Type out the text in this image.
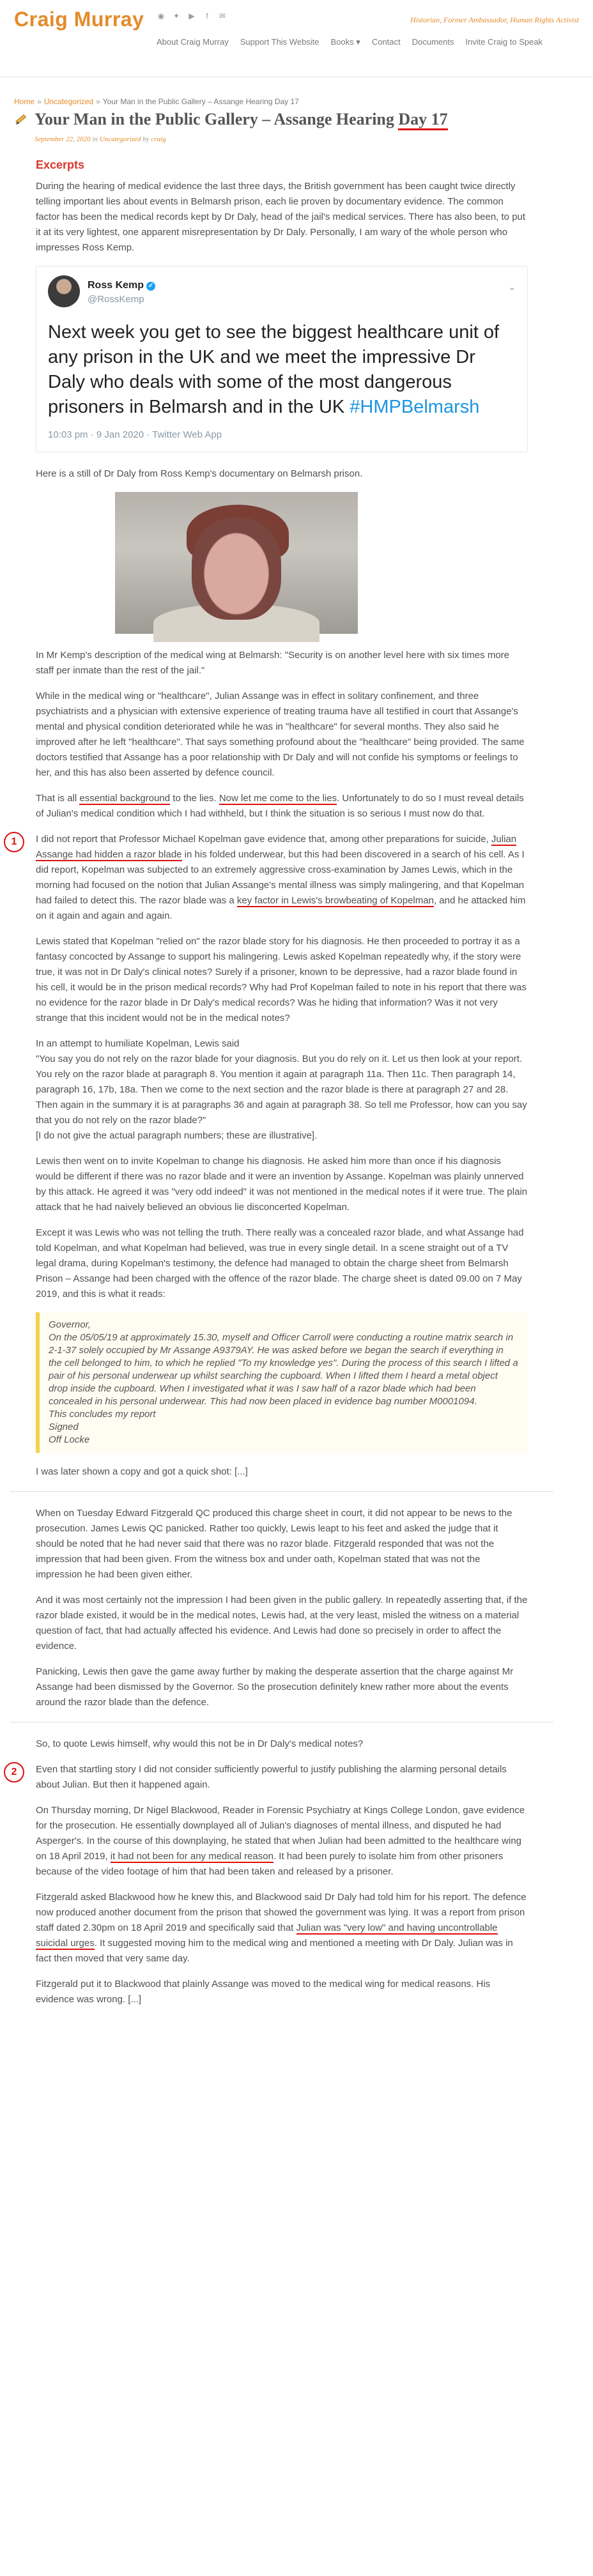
Craig Murray ◉ ✦ ▶	f	✉	Historian, Former Ambassador, Human Rights Activist
About Craig Murray Support This Website Books ▾ Contact Documents Invite Craig to Speak
Home » Uncategorized » Your Man in the Public Gallery – Assange Hearing Day 17
Your Man in the Public Gallery – Assange Hearing Day 17
September 22, 2020 in Uncategorized by craig
Excerpts

During the hearing of medical evidence the last three days, the British government has been caught twice directly telling important lies about events in Belmarsh prison, each lie proven by documentary evidence. The common factor has been the medical records kept by Dr Daly, head of the jail's medical services. There has also been, to put it at its very lightest, one apparent misrepresentation by Dr Daly. Personally, I am wary of the whole person who impresses Ross Kemp.

Ross Kemp ✓
@RossKemp
⌄
Next week you get to see the biggest healthcare unit of any prison in the UK and we meet the impressive Dr Daly who deals with some of the most dangerous prisoners in Belmarsh and in the UK #HMPBelmarsh
10:03 pm · 9 Jan 2020 · Twitter Web App

Here is a still of Dr Daly from Ross Kemp's documentary on Belmarsh prison.

In Mr Kemp's description of the medical wing at Belmarsh: "Security is on another level here with six times more staff per inmate than the rest of the jail."

While in the medical wing or "healthcare", Julian Assange was in effect in solitary confinement, and three psychiatrists and a physician with extensive experience of treating trauma have all testified in court that Assange's mental and physical condition deteriorated while he was in "healthcare" for several months. They also said he improved after he left "healthcare". That says something profound about the "healthcare" being provided. The same doctors testified that Assange has a poor relationship with Dr Daly and will not confide his symptoms or feelings to her, and this has also been asserted by defence council.

That is all essential background to the lies. Now let me come to the lies. Unfortunately to do so I must reveal details of Julian's medical condition which I had withheld, but I think the situation is so serious I must now do that.

1	I did not report that Professor Michael Kopelman gave evidence that, among other preparations for suicide, Julian Assange had hidden a razor blade in his folded underwear, but this had been discovered in a search of his cell. As I did report, Kopelman was subjected to an extremely aggressive cross-examination by James Lewis, which in the morning had focused on the notion that Julian Assange's mental illness was simply malingering, and that Kopelman had failed to detect this. The razor blade was a key factor in Lewis's browbeating of Kopelman, and he attacked him on it again and again and again.

Lewis stated that Kopelman "relied on" the razor blade story for his diagnosis. He then proceeded to portray it as a fantasy concocted by Assange to support his malingering. Lewis asked Kopelman repeatedly why, if the story were true, it was not in Dr Daly's clinical notes? Surely if a prisoner, known to be depressive, had a razor blade found in his cell, it would be in the prison medical records? Why had Prof Kopelman failed to note in his report that there was no evidence for the razor blade in Dr Daly's medical records? Was he hiding that information? Was it not very strange that this incident would not be in the medical notes?

In an attempt to humiliate Kopelman, Lewis said
"You say you do not rely on the razor blade for your diagnosis. But you do rely on it. Let us then look at your report. You rely on the razor blade at paragraph 8. You mention it again at paragraph 11a. Then 11c. Then paragraph 14, paragraph 16, 17b, 18a. Then we come to the next section and the razor blade is there at paragraph 27 and 28. Then again in the summary it is at paragraphs 36 and again at paragraph 38. So tell me Professor, how can you say that you do not rely on the razor blade?"
[I do not give the actual paragraph numbers; these are illustrative].

Lewis then went on to invite Kopelman to change his diagnosis. He asked him more than once if his diagnosis would be different if there was no razor blade and it were an invention by Assange. Kopelman was plainly unnerved by this attack. He agreed it was "very odd indeed" it was not mentioned in the medical notes if it were true. The plain attack that he had naively believed an obvious lie disconcerted Kopelman.

Except it was Lewis who was not telling the truth. There really was a concealed razor blade, and what Assange had told Kopelman, and what Kopelman had believed, was true in every single detail. In a scene straight out of a TV legal drama, during Kopelman's testimony, the defence had managed to obtain the charge sheet from Belmarsh Prison – Assange had been charged with the offence of the razor blade. The charge sheet is dated 09.00 on 7 May 2019, and this is what it reads:

Governor,

On the 05/05/19 at approximately 15.30, myself and Officer Carroll were conducting a routine matrix search in 2-1-37 solely occupied by Mr Assange A9379AY. He was asked before we began the search if everything in the cell belonged to him, to which he replied "To my knowledge yes". During the process of this search I lifted a pair of his personal underwear up whilst searching the cupboard. When I lifted them I heard a metal object drop inside the cupboard. When I investigated what it was I saw half of a razor blade which had been concealed in his personal underwear. This had now been placed in evidence bag number M0001094.

This concludes my report

Signed

Off Locke

I was later shown a copy and got a quick shot: [...]

When on Tuesday Edward Fitzgerald QC produced this charge sheet in court, it did not appear to be news to the prosecution. James Lewis QC panicked. Rather too quickly, Lewis leapt to his feet and asked the judge that it should be noted that he had never said that there was no razor blade. Fitzgerald responded that was not the impression that had been given. From the witness box and under oath, Kopelman stated that was not the impression he had been given either.

And it was most certainly not the impression I had been given in the public gallery. In repeatedly asserting that, if the razor blade existed, it would be in the medical notes, Lewis had, at the very least, misled the witness on a material question of fact, that had actually affected his evidence. And Lewis had done so precisely in order to affect the evidence.

Panicking, Lewis then gave the game away further by making the desperate assertion that the charge against Mr Assange had been dismissed by the Governor. So the prosecution definitely knew rather more about the events around the razor blade than the defence.

So, to quote Lewis himself, why would this not be in Dr Daly's medical notes?

2	Even that startling story I did not consider sufficiently powerful to justify publishing the alarming personal details about Julian. But then it happened again.

On Thursday morning, Dr Nigel Blackwood, Reader in Forensic Psychiatry at Kings College London, gave evidence for the prosecution. He essentially downplayed all of Julian's diagnoses of mental illness, and disputed he had Asperger's. In the course of this downplaying, he stated that when Julian had been admitted to the healthcare wing on 18 April 2019, it had not been for any medical reason. It had been purely to isolate him from other prisoners because of the video footage of him that had been taken and released by a prisoner.

Fitzgerald asked Blackwood how he knew this, and Blackwood said Dr Daly had told him for his report. The defence now produced another document from the prison that showed the government was lying. It was a report from prison staff dated 2.30pm on 18 April 2019 and specifically said that Julian was "very low" and having uncontrollable suicidal urges. It suggested moving him to the medical wing and mentioned a meeting with Dr Daly. Julian was in fact then moved that very same day.

Fitzgerald put it to Blackwood that plainly Assange was moved to the medical wing for medical reasons. His evidence was wrong. [...]
